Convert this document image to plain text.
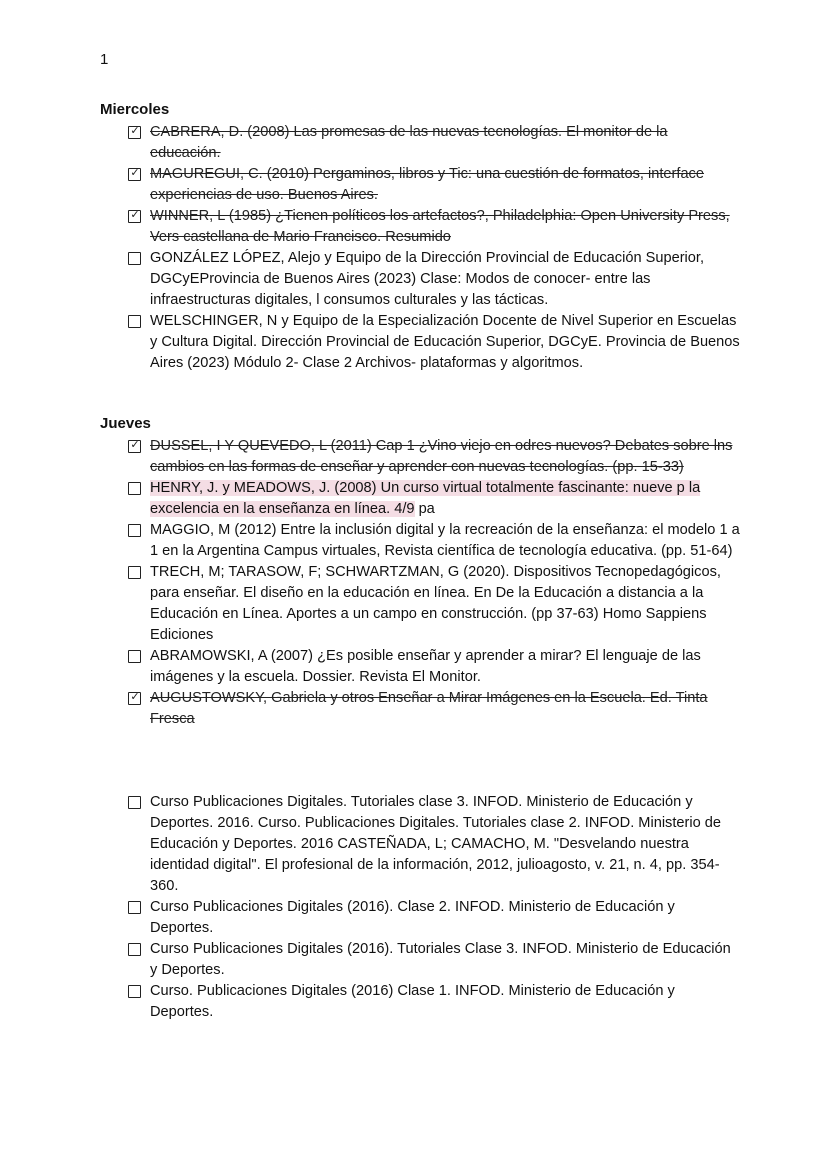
1
Miercoles
✓ CABRERA, D. (2008) Las promesas de las nuevas tecnologías. El monitor de la educación.
✓ MAGUREGUI, C. (2010) Pergaminos, libros y Tic: una cuestión de formatos, interface experiencias de uso. Buenos Aires.
✓ WINNER, L (1985) ¿Tienen políticos los artefactos?, Philadelphia: Open University Press, Vers castellana de Mario Francisco. Resumido
GONZÁLEZ LÓPEZ, Alejo y Equipo de la Dirección Provincial de Educación Superior, DGCyEProvincia de Buenos Aires (2023) Clase: Modos de conocer- entre las infraestructuras digitales, l consumos culturales y las tácticas.
WELSCHINGER, N y Equipo de la Especialización Docente de Nivel Superior en Escuelas y Cultura Digital. Dirección Provincial de Educación Superior, DGCyE. Provincia de Buenos Aires (2023) Módulo 2- Clase 2 Archivos- plataformas y algoritmos.
Jueves
✓ DUSSEL, I Y QUEVEDO, L (2011) Cap 1 ¿Vino viejo en odres nuevos? Debates sobre lns cambios en las formas de enseñar y aprender con nuevas tecnologías. (pp. 15-33)
HENRY, J. y MEADOWS, J. (2008) Un curso virtual totalmente fascinante: nueve p la excelencia en la enseñanza en línea. 4/9 pa
MAGGIO, M (2012) Entre la inclusión digital y la recreación de la enseñanza: el modelo 1 a 1 en la Argentina Campus virtuales, Revista científica de tecnología educativa. (pp. 51-64)
TRECH, M; TARASOW, F; SCHWARTZMAN, G (2020). Dispositivos Tecnopedagógicos, para enseñar. El diseño en la educación en línea. En De la Educación a distancia a la Educación en Línea. Aportes a un campo en construcción. (pp 37-63) Homo Sappiens Ediciones
ABRAMOWSKI, A (2007) ¿Es posible enseñar y aprender a mirar? El lenguaje de las imágenes y la escuela. Dossier. Revista El Monitor.
✓ AUGUSTOWSKY, Gabriela y otros Enseñar a Mirar Imágenes en la Escuela. Ed. Tinta Fresca
Curso Publicaciones Digitales. Tutoriales clase 3. INFOD. Ministerio de Educación y Deportes. 2016. Curso. Publicaciones Digitales. Tutoriales clase 2. INFOD. Ministerio de Educación y Deportes. 2016 CASTEÑADA, L; CAMACHO, M. "Desvelando nuestra identidad digital". El profesional de la información, 2012, julioagosto, v. 21, n. 4, pp. 354-360.
Curso Publicaciones Digitales (2016). Clase 2. INFOD. Ministerio de Educación y Deportes.
Curso Publicaciones Digitales (2016). Tutoriales Clase 3. INFOD. Ministerio de Educación y Deportes.
Curso. Publicaciones Digitales (2016) Clase 1. INFOD. Ministerio de Educación y Deportes.
